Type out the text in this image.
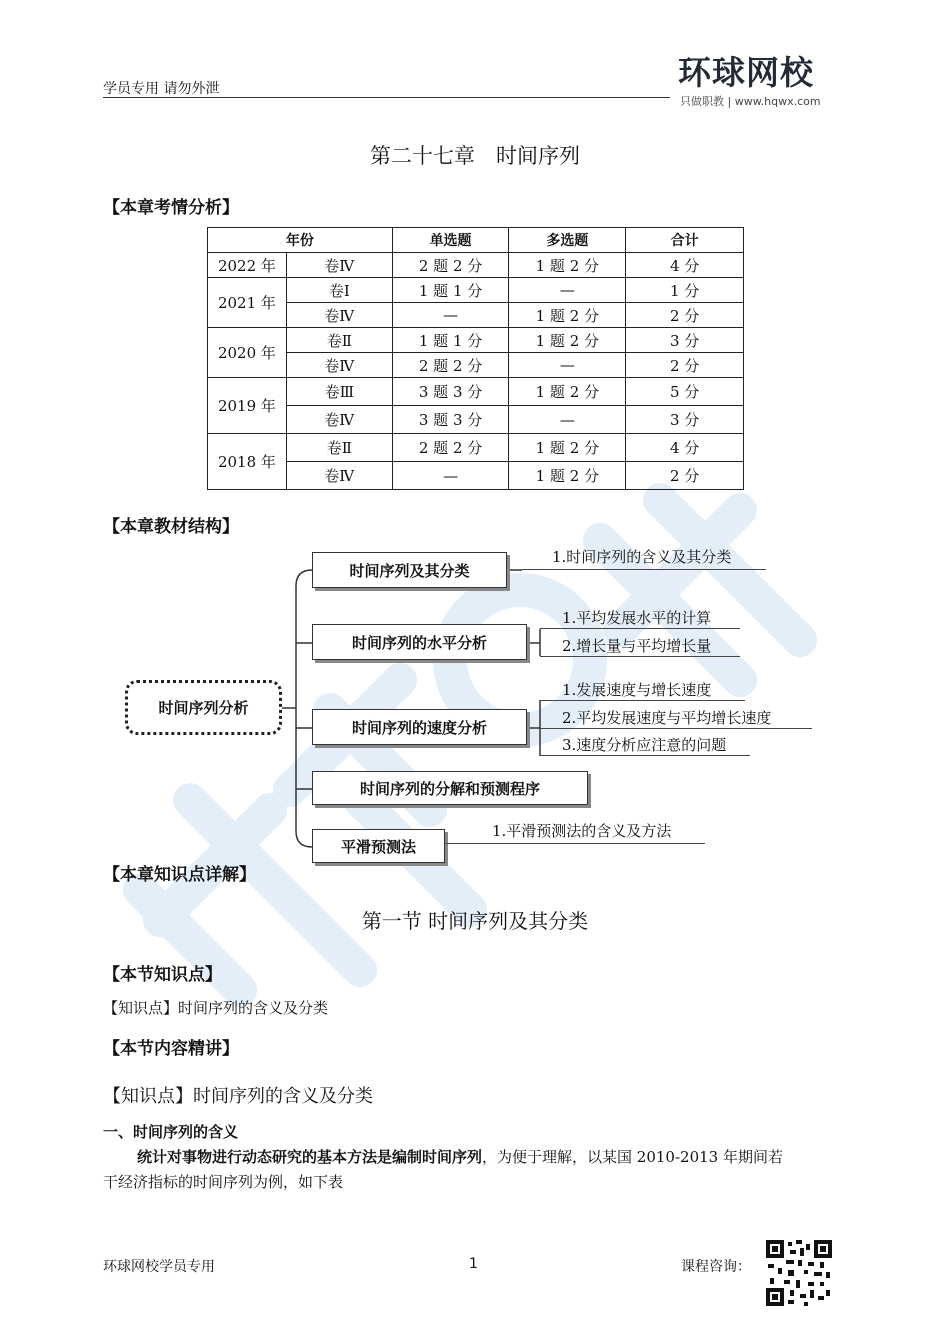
学员专用 请勿外泄	环球网校
只做职教 | www.hqwx.com
第二十七章　时间序列
【本章考情分析】
年份		单选题	多选题	合计
2022 年	卷Ⅳ	2 题 2 分	1 题 2 分	4 分
2021 年	卷Ⅰ	1 题 1 分	—	1 分
	卷Ⅳ	—	1 题 2 分	2 分
2020 年	卷Ⅱ	1 题 1 分	1 题 2 分	3 分
	卷Ⅳ	2 题 2 分	—	2 分
2019 年	卷Ⅲ	3 题 3 分	1 题 2 分	5 分
	卷Ⅳ	3 题 3 分	—	3 分
2018 年	卷Ⅱ	2 题 2 分	1 题 2 分	4 分
	卷Ⅳ	—	1 题 2 分	2 分
【本章教材结构】
时间序列分析
时间序列及其分类
时间序列的水平分析
时间序列的速度分析
时间序列的分解和预测程序
平滑预测法
1.时间序列的含义及其分类
1.平均发展水平的计算
2.增长量与平均增长量
1.发展速度与增长速度
2.平均发展速度与平均增长速度
3.速度分析应注意的问题
1.平滑预测法的含义及方法
【本章知识点详解】
第一节 时间序列及其分类
【本节知识点】
【知识点】时间序列的含义及分类
【本节内容精讲】
【知识点】时间序列的含义及分类
一、时间序列的含义
统计对事物进行动态研究的基本方法是编制时间序列，为便于理解，以某国 2010-2013 年期间若
干经济指标的时间序列为例，如下表
环球网校学员专用	1	课程咨询：
